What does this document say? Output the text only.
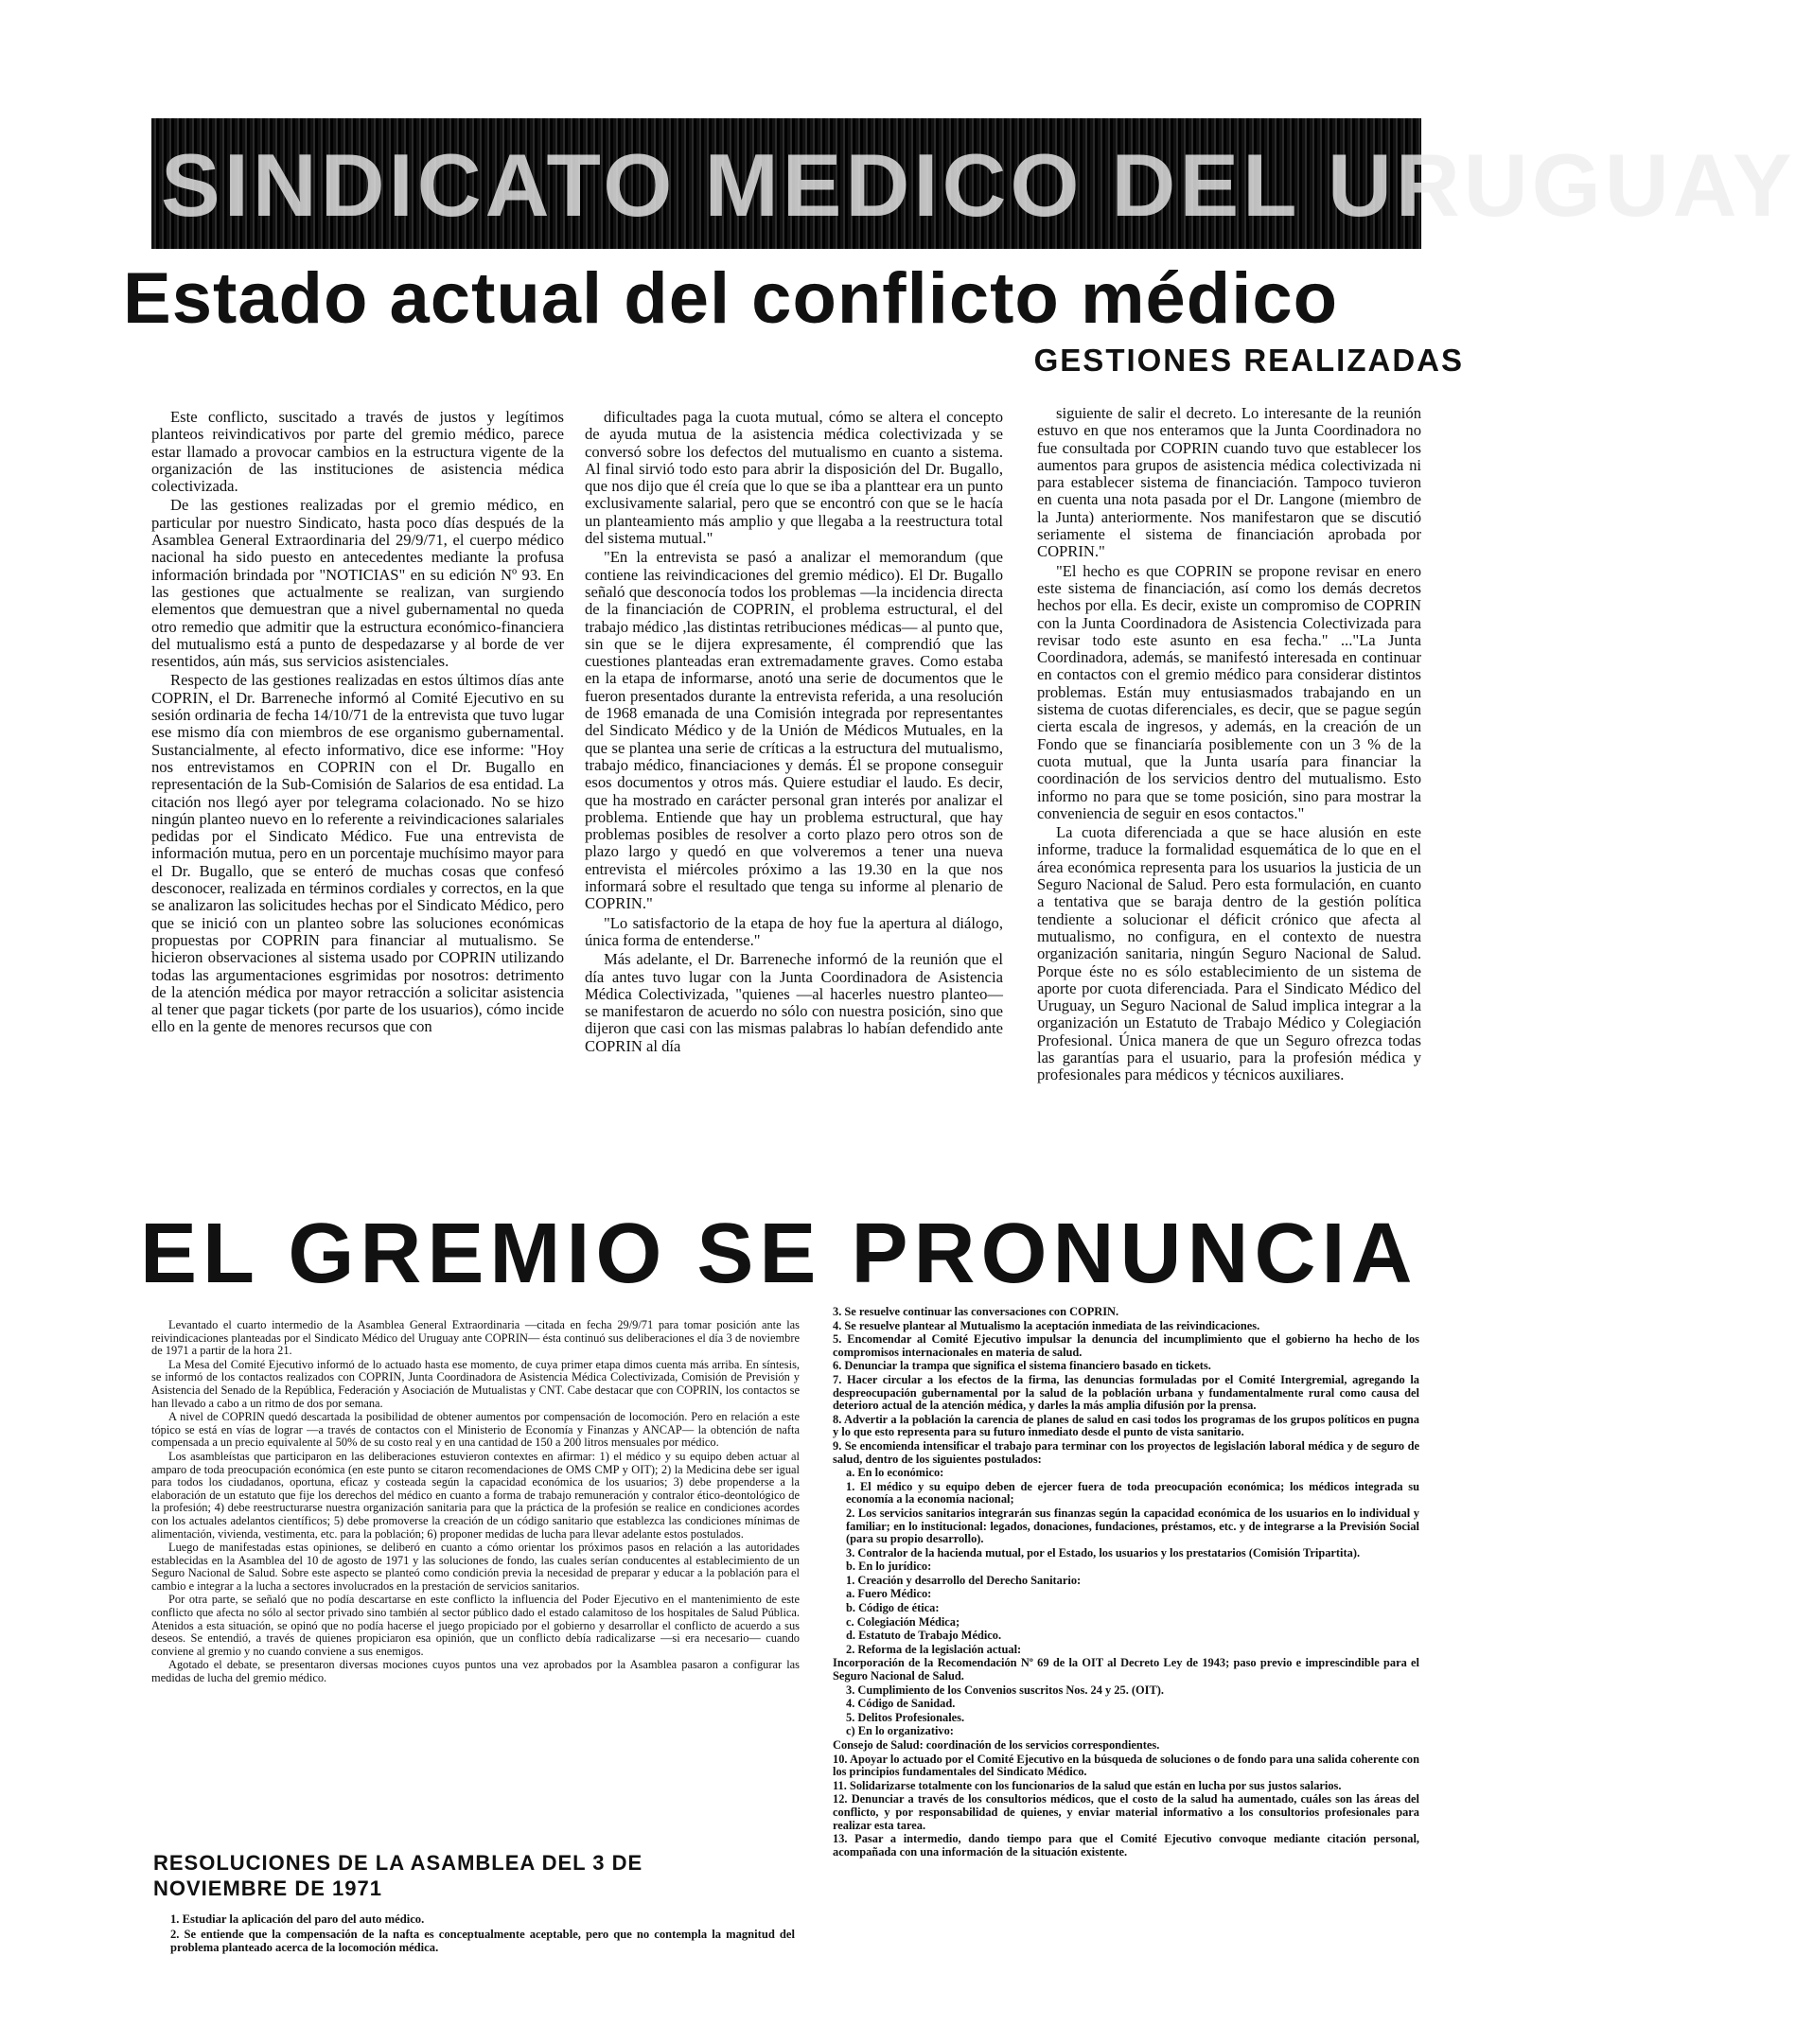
SINDICATO MEDICO DEL URUGUAY
Estado actual del conflicto médico
GESTIONES REALIZADAS

Este conflicto, suscitado a través de justos y legítimos planteos reivindicativos por parte del gremio médico, parece estar llamado a provocar cambios en la estructura vigente de la organización de las instituciones de asistencia médica colectivizada.

De las gestiones realizadas por el gremio médico, en particular por nuestro Sindicato, hasta poco días después de la Asamblea General Extraordinaria del 29/9/71, el cuerpo médico nacional ha sido puesto en antecedentes mediante la profusa información brindada por "NOTICIAS" en su edición Nº 93. En las gestiones que actualmente se realizan, van surgiendo elementos que demuestran que a nivel gubernamental no queda otro remedio que admitir que la estructura económico-financiera del mutualismo está a punto de despedazarse y al borde de ver resentidos, aún más, sus servicios asistenciales.

Respecto de las gestiones realizadas en estos últimos días ante COPRIN, el Dr. Barreneche informó al Comité Ejecutivo en su sesión ordinaria de fecha 14/10/71 de la entrevista que tuvo lugar ese mismo día con miembros de ese organismo gubernamental. Sustancialmente, al efecto informativo, dice ese informe: "Hoy nos entrevistamos en COPRIN con el Dr. Bugallo en representación de la Sub-Comisión de Salarios de esa entidad. La citación nos llegó ayer por telegrama colacionado. No se hizo ningún planteo nuevo en lo referente a reivindicaciones salariales pedidas por el Sindicato Médico. Fue una entrevista de información mutua, pero en un porcentaje muchísimo mayor para el Dr. Bugallo, que se enteró de muchas cosas que confesó desconocer, realizada en términos cordiales y correctos, en la que se analizaron las solicitudes hechas por el Sindicato Médico, pero que se inició con un planteo sobre las soluciones económicas propuestas por COPRIN para financiar al mutualismo. Se hicieron observaciones al sistema usado por COPRIN utilizando todas las argumentaciones esgrimidas por nosotros: detrimento de la atención médica por mayor retracción a solicitar asistencia al tener que pagar tickets (por parte de los usuarios), cómo incide ello en la gente de menores recursos que con

dificultades paga la cuota mutual, cómo se altera el concepto de ayuda mutua de la asistencia médica colectivizada y se conversó sobre los defectos del mutualismo en cuanto a sistema. Al final sirvió todo esto para abrir la disposición del Dr. Bugallo, que nos dijo que él creía que lo que se iba a planttear era un punto exclusivamente salarial, pero que se encontró con que se le hacía un planteamiento más amplio y que llegaba a la reestructura total del sistema mutual."

"En la entrevista se pasó a analizar el memorandum (que contiene las reivindicaciones del gremio médico). El Dr. Bugallo señaló que desconocía todos los problemas —la incidencia directa de la financiación de COPRIN, el problema estructural, el del trabajo médico ,las distintas retribuciones médicas— al punto que, sin que se le dijera expresamente, él comprendió que las cuestiones planteadas eran extremadamente graves. Como estaba en la etapa de informarse, anotó una serie de documentos que le fueron presentados durante la entrevista referida, a una resolución de 1968 emanada de una Comisión integrada por representantes del Sindicato Médico y de la Unión de Médicos Mutuales, en la que se plantea una serie de críticas a la estructura del mutualismo, trabajo médico, financiaciones y demás. Él se propone conseguir esos documentos y otros más. Quiere estudiar el laudo. Es decir, que ha mostrado en carácter personal gran interés por analizar el problema. Entiende que hay un problema estructural, que hay problemas posibles de resolver a corto plazo pero otros son de plazo largo y quedó en que volveremos a tener una nueva entrevista el miércoles próximo a las 19.30 en la que nos informará sobre el resultado que tenga su informe al plenario de COPRIN."

"Lo satisfactorio de la etapa de hoy fue la apertura al diálogo, única forma de entenderse."

Más adelante, el Dr. Barreneche informó de la reunión que el día antes tuvo lugar con la Junta Coordinadora de Asistencia Médica Colectivizada, "quienes —al hacerles nuestro planteo— se manifestaron de acuerdo no sólo con nuestra posición, sino que dijeron que casi con las mismas palabras lo habían defendido ante COPRIN al día

siguiente de salir el decreto. Lo interesante de la reunión estuvo en que nos enteramos que la Junta Coordinadora no fue consultada por COPRIN cuando tuvo que establecer los aumentos para grupos de asistencia médica colectivizada ni para establecer sistema de financiación. Tampoco tuvieron en cuenta una nota pasada por el Dr. Langone (miembro de la Junta) anteriormente. Nos manifestaron que se discutió seriamente el sistema de financiación aprobada por COPRIN."

"El hecho es que COPRIN se propone revisar en enero este sistema de financiación, así como los demás decretos hechos por ella. Es decir, existe un compromiso de COPRIN con la Junta Coordinadora de Asistencia Colectivizada para revisar todo este asunto en esa fecha." ..."La Junta Coordinadora, además, se manifestó interesada en continuar en contactos con el gremio médico para considerar distintos problemas. Están muy entusiasmados trabajando en un sistema de cuotas diferenciales, es decir, que se pague según cierta escala de ingresos, y además, en la creación de un Fondo que se financiaría posiblemente con un 3 % de la cuota mutual, que la Junta usaría para financiar la coordinación de los servicios dentro del mutualismo. Esto informo no para que se tome posición, sino para mostrar la conveniencia de seguir en esos contactos."

La cuota diferenciada a que se hace alusión en este informe, traduce la formalidad esquemática de lo que en el área económica representa para los usuarios la justicia de un Seguro Nacional de Salud. Pero esta formulación, en cuanto a tentativa que se baraja dentro de la gestión política tendiente a solucionar el déficit crónico que afecta al mutualismo, no configura, en el contexto de nuestra organización sanitaria, ningún Seguro Nacional de Salud. Porque éste no es sólo establecimiento de un sistema de aporte por cuota diferenciada. Para el Sindicato Médico del Uruguay, un Seguro Nacional de Salud implica integrar a la organización un Estatuto de Trabajo Médico y Colegiación Profesional. Única manera de que un Seguro ofrezca todas las garantías para el usuario, para la profesión médica y profesionales para médicos y técnicos auxiliares.

EL GREMIO SE PRONUNCIA

Levantado el cuarto intermedio de la Asamblea General Extraordinaria —citada en fecha 29/9/71 para tomar posición ante las reivindicaciones planteadas por el Sindicato Médico del Uruguay ante COPRIN— ésta continuó sus deliberaciones el día 3 de noviembre de 1971 a partir de la hora 21.

La Mesa del Comité Ejecutivo informó de lo actuado hasta ese momento, de cuya primer etapa dimos cuenta más arriba. En síntesis, se informó de los contactos realizados con COPRIN, Junta Coordinadora de Asistencia Médica Colectivizada, Comisión de Previsión y Asistencia del Senado de la República, Federación y Asociación de Mutualistas y CNT. Cabe destacar que con COPRIN, los contactos se han llevado a cabo a un ritmo de dos por semana.

A nivel de COPRIN quedó descartada la posibilidad de obtener aumentos por compensación de locomoción. Pero en relación a este tópico se está en vías de lograr —a través de contactos con el Ministerio de Economía y Finanzas y ANCAP— la obtención de nafta compensada a un precio equivalente al 50% de su costo real y en una cantidad de 150 a 200 litros mensuales por médico.

Los asambleístas que participaron en las deliberaciones estuvieron contextes en afirmar: 1) el médico y su equipo deben actuar al amparo de toda preocupación económica (en este punto se citaron recomendaciones de OMS CMP y OIT); 2) la Medicina debe ser igual para todos los ciudadanos, oportuna, eficaz y costeada según la capacidad económica de los usuarios; 3) debe propenderse a la elaboración de un estatuto que fije los derechos del médico en cuanto a forma de trabajo remuneración y contralor ético-deontológico de la profesión; 4) debe reestructurarse nuestra organización sanitaria para que la práctica de la profesión se realice en condiciones acordes con los actuales adelantos científicos; 5) debe promoverse la creación de un código sanitario que establezca las condiciones mínimas de alimentación, vivienda, vestimenta, etc. para la población; 6) proponer medidas de lucha para llevar adelante estos postulados.

Luego de manifestadas estas opiniones, se deliberó en cuanto a cómo orientar los próximos pasos en relación a las autoridades establecidas en la Asamblea del 10 de agosto de 1971 y las soluciones de fondo, las cuales serían conducentes al establecimiento de un Seguro Nacional de Salud. Sobre este aspecto se planteó como condición previa la necesidad de preparar y educar a la población para el cambio e integrar a la lucha a sectores involucrados en la prestación de servicios sanitarios.

Por otra parte, se señaló que no podía descartarse en este conflicto la influencia del Poder Ejecutivo en el mantenimiento de este conflicto que afecta no sólo al sector privado sino también al sector público dado el estado calamitoso de los hospitales de Salud Pública. Atenidos a esta situación, se opinó que no podía hacerse el juego propiciado por el gobierno y desarrollar el conflicto de acuerdo a sus deseos. Se entendió, a través de quienes propiciaron esa opinión, que un conflicto debía radicalizarse —si era necesario— cuando conviene al gremio y no cuando conviene a sus enemigos.

Agotado el debate, se presentaron diversas mociones cuyos puntos una vez aprobados por la Asamblea pasaron a configurar las medidas de lucha del gremio médico.

RESOLUCIONES DE LA ASAMBLEA DEL 3 DE NOVIEMBRE DE 1971
1. Estudiar la aplicación del paro del auto médico.
2. Se entiende que la compensación de la nafta es conceptualmente aceptable, pero que no contempla la magnitud del problema planteado acerca de la locomoción médica.
3. Se resuelve continuar las conversaciones con COPRIN.
4. Se resuelve plantear al Mutualismo la aceptación inmediata de las reivindicaciones.
5. Encomendar al Comité Ejecutivo impulsar la denuncia del incumplimiento que el gobierno ha hecho de los compromisos internacionales en materia de salud.
6. Denunciar la trampa que significa el sistema financiero basado en tickets.
7. Hacer circular a los efectos de la firma, las denuncias formuladas por el Comité Intergremial, agregando la despreocupación gubernamental por la salud de la población urbana y fundamentalmente rural como causa del deterioro actual de la atención médica, y darles la más amplia difusión por la prensa.
8. Advertir a la población la carencia de planes de salud en casi todos los programas de los grupos políticos en pugna y lo que esto representa para su futuro inmediato desde el punto de vista sanitario.
9. Se encomienda intensificar el trabajo para terminar con los proyectos de legislación laboral médica y de seguro de salud, dentro de los siguientes postulados:
a. En lo económico:
1. El médico y su equipo deben de ejercer fuera de toda preocupación económica; los médicos integrada su economía a la economía nacional;
2. Los servicios sanitarios integrarán sus finanzas según la capacidad económica de los usuarios en lo individual y familiar; en lo institucional: legados, donaciones, fundaciones, préstamos, etc. y de integrarse a la Previsión Social (para su propio desarrollo).
3. Contralor de la hacienda mutual, por el Estado, los usuarios y los prestatarios (Comisión Tripartita).
b. En lo jurídico:
1. Creación y desarrollo del Derecho Sanitario:
a. Fuero Médico:
b. Código de ética:
c. Colegiación Médica;
d. Estatuto de Trabajo Médico.
2. Reforma de la legislación actual:
Incorporación de la Recomendación Nº 69 de la OIT al Decreto Ley de 1943; paso previo e imprescindible para el Seguro Nacional de Salud.
3. Cumplimiento de los Convenios suscritos Nos. 24 y 25. (OIT).
4. Código de Sanidad.
5. Delitos Profesionales.
c) En lo organizativo:
Consejo de Salud: coordinación de los servicios correspondientes.
10. Apoyar lo actuado por el Comité Ejecutivo en la búsqueda de soluciones o de fondo para una salida coherente con los principios fundamentales del Sindicato Médico.
11. Solidarizarse totalmente con los funcionarios de la salud que están en lucha por sus justos salarios.
12. Denunciar a través de los consultorios médicos, que el costo de la salud ha aumentado, cuáles son las áreas del conflicto, y por responsabilidad de quienes, y enviar material informativo a los consultorios profesionales para realizar esta tarea.
13. Pasar a intermedio, dando tiempo para que el Comité Ejecutivo convoque mediante citación personal, acompañada con una información de la situación existente.
